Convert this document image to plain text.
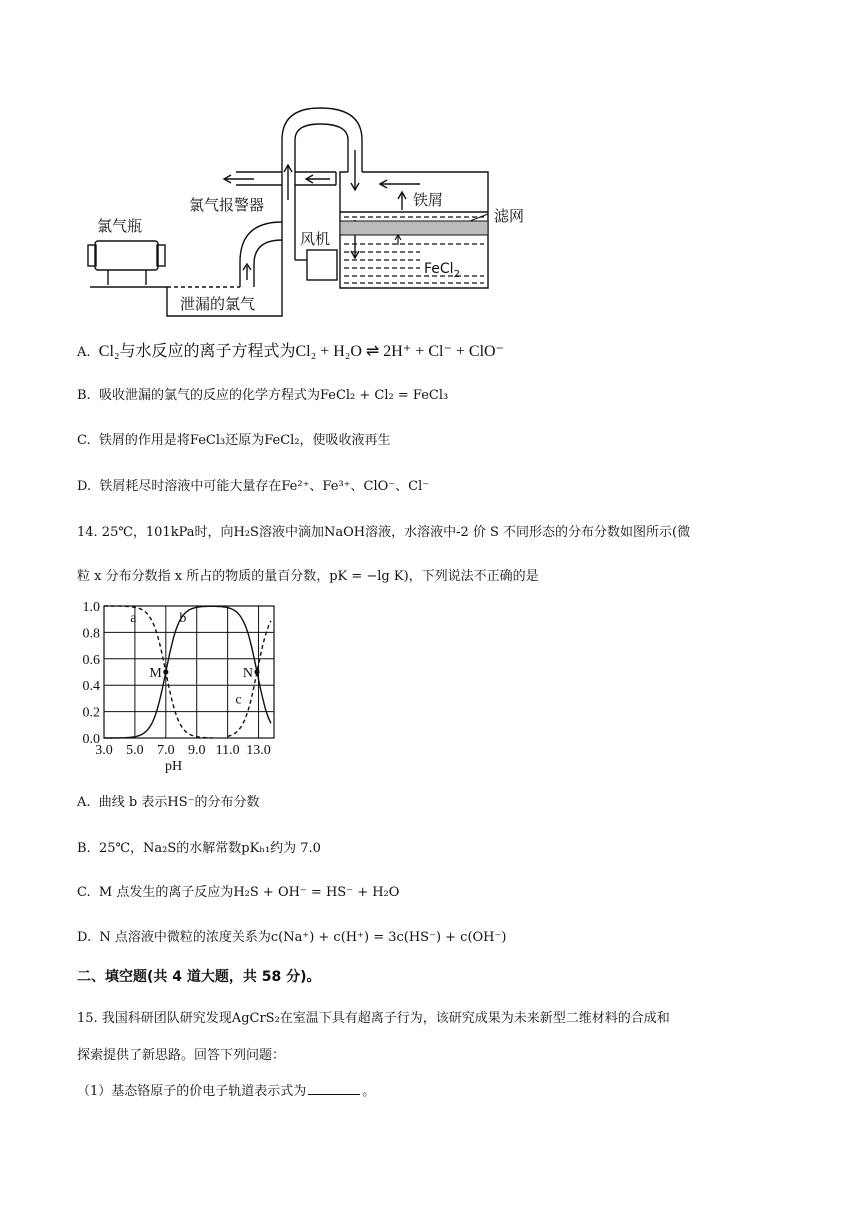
氯气瓶
氯气报警器
风机
铁屑
滤网
泄漏的氯气
FeCl$_2$
A. Cl₂与水反应的离子方程式为Cl₂ + H₂O ⇌ 2H⁺ + Cl⁻ + ClO⁻
B. 吸收泄漏的氯气的反应的化学方程式为FeCl₂ + Cl₂ = FeCl₃
C. 铁屑的作用是将FeCl₃还原为FeCl₂，使吸收液再生
D. 铁屑耗尽时溶液中可能大量存在Fe²⁺、Fe³⁺、ClO⁻、Cl⁻
14. 25℃，101kPa时，向H₂S溶液中滴加NaOH溶液，水溶液中-2 价 S 不同形态的分布分数如图所示(微
粒 x 分布分数指 x 所占的物质的量百分数，pK = −lg K)，下列说法不正确的是
3.0 5.0 7.0 9.0 11.0 13.0
0.0
0.2
0.4
0.6
0.8
1.0
pH
a	b
c
M	N
A. 曲线 b 表示HS⁻的分布分数
B. 25℃，Na₂S的水解常数pKₕ₁约为 7.0
C. M 点发生的离子反应为H₂S + OH⁻ = HS⁻ + H₂O
D. N 点溶液中微粒的浓度关系为c(Na⁺) + c(H⁺) = 3c(HS⁻) + c(OH⁻)
二、填空题(共 4 道大题，共 58 分)。
15. 我国科研团队研究发现AgCrS₂在室温下具有超离子行为，该研究成果为未来新型二维材料的合成和
探索提供了新思路。回答下列问题：
（1）基态铬原子的价电子轨道表示式为	。
